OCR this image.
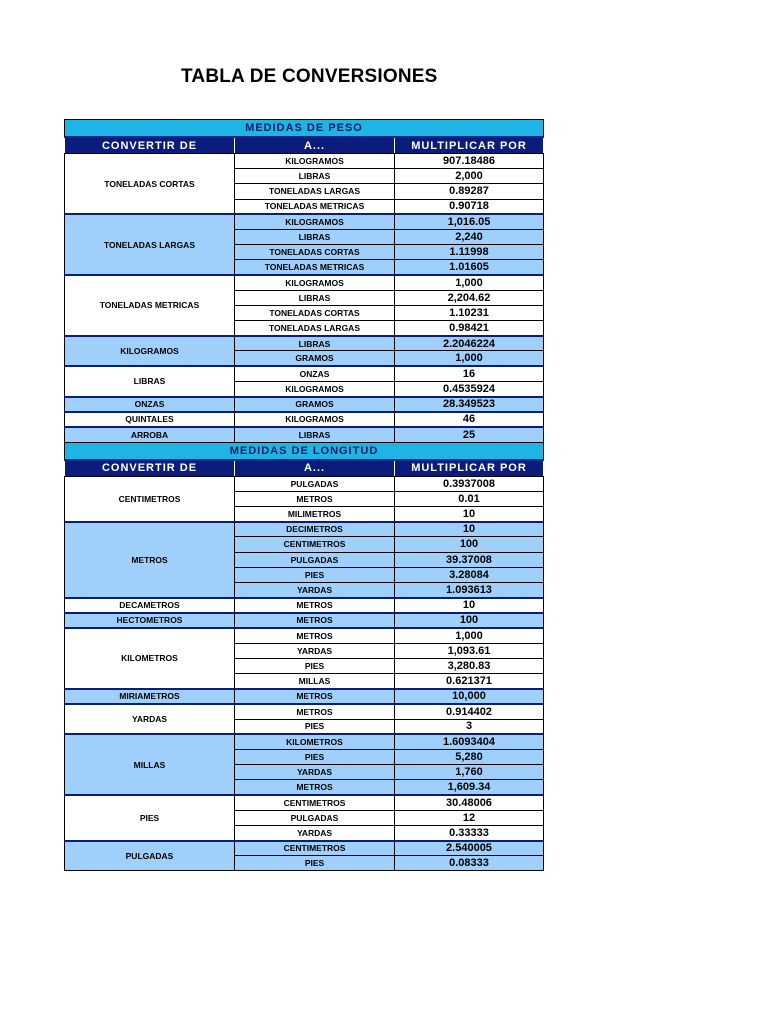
TABLA DE CONVERSIONES
MEDIDAS DE PESO		
CONVERTIR DE	A...	MULTIPLICAR POR
TONELADAS CORTAS	KILOGRAMOS	907.18486
	LIBRAS	2,000
	TONELADAS LARGAS	0.89287
	TONELADAS METRICAS	0.90718
TONELADAS LARGAS	KILOGRAMOS	1,016.05
	LIBRAS	2,240
	TONELADAS CORTAS	1.11998
	TONELADAS METRICAS	1.01605
TONELADAS METRICAS	KILOGRAMOS	1,000
	LIBRAS	2,204.62
	TONELADAS CORTAS	1.10231
	TONELADAS LARGAS	0.98421
KILOGRAMOS	LIBRAS	2.2046224
	GRAMOS	1,000
LIBRAS	ONZAS	16
	KILOGRAMOS	0.4535924
ONZAS	GRAMOS	28.349523
QUINTALES	KILOGRAMOS	46
ARROBA	LIBRAS	25
MEDIDAS DE LONGITUD		
CONVERTIR DE	A...	MULTIPLICAR POR
CENTIMETROS	PULGADAS	0.3937008
	METROS	0.01
	MILIMETROS	10
METROS	DECIMETROS	10
	CENTIMETROS	100
	PULGADAS	39.37008
	PIES	3.28084
	YARDAS	1.093613
DECAMETROS	METROS	10
HECTOMETROS	METROS	100
KILOMETROS	METROS	1,000
	YARDAS	1,093.61
	PIES	3,280.83
	MILLAS	0.621371
MIRIAMETROS	METROS	10,000
YARDAS	METROS	0.914402
	PIES	3
MILLAS	KILOMETROS	1.6093404
	PIES	5,280
	YARDAS	1,760
	METROS	1,609.34
PIES	CENTIMETROS	30.48006
	PULGADAS	12
	YARDAS	0.33333
PULGADAS	CENTIMETROS	2.540005
	PIES	0.08333
